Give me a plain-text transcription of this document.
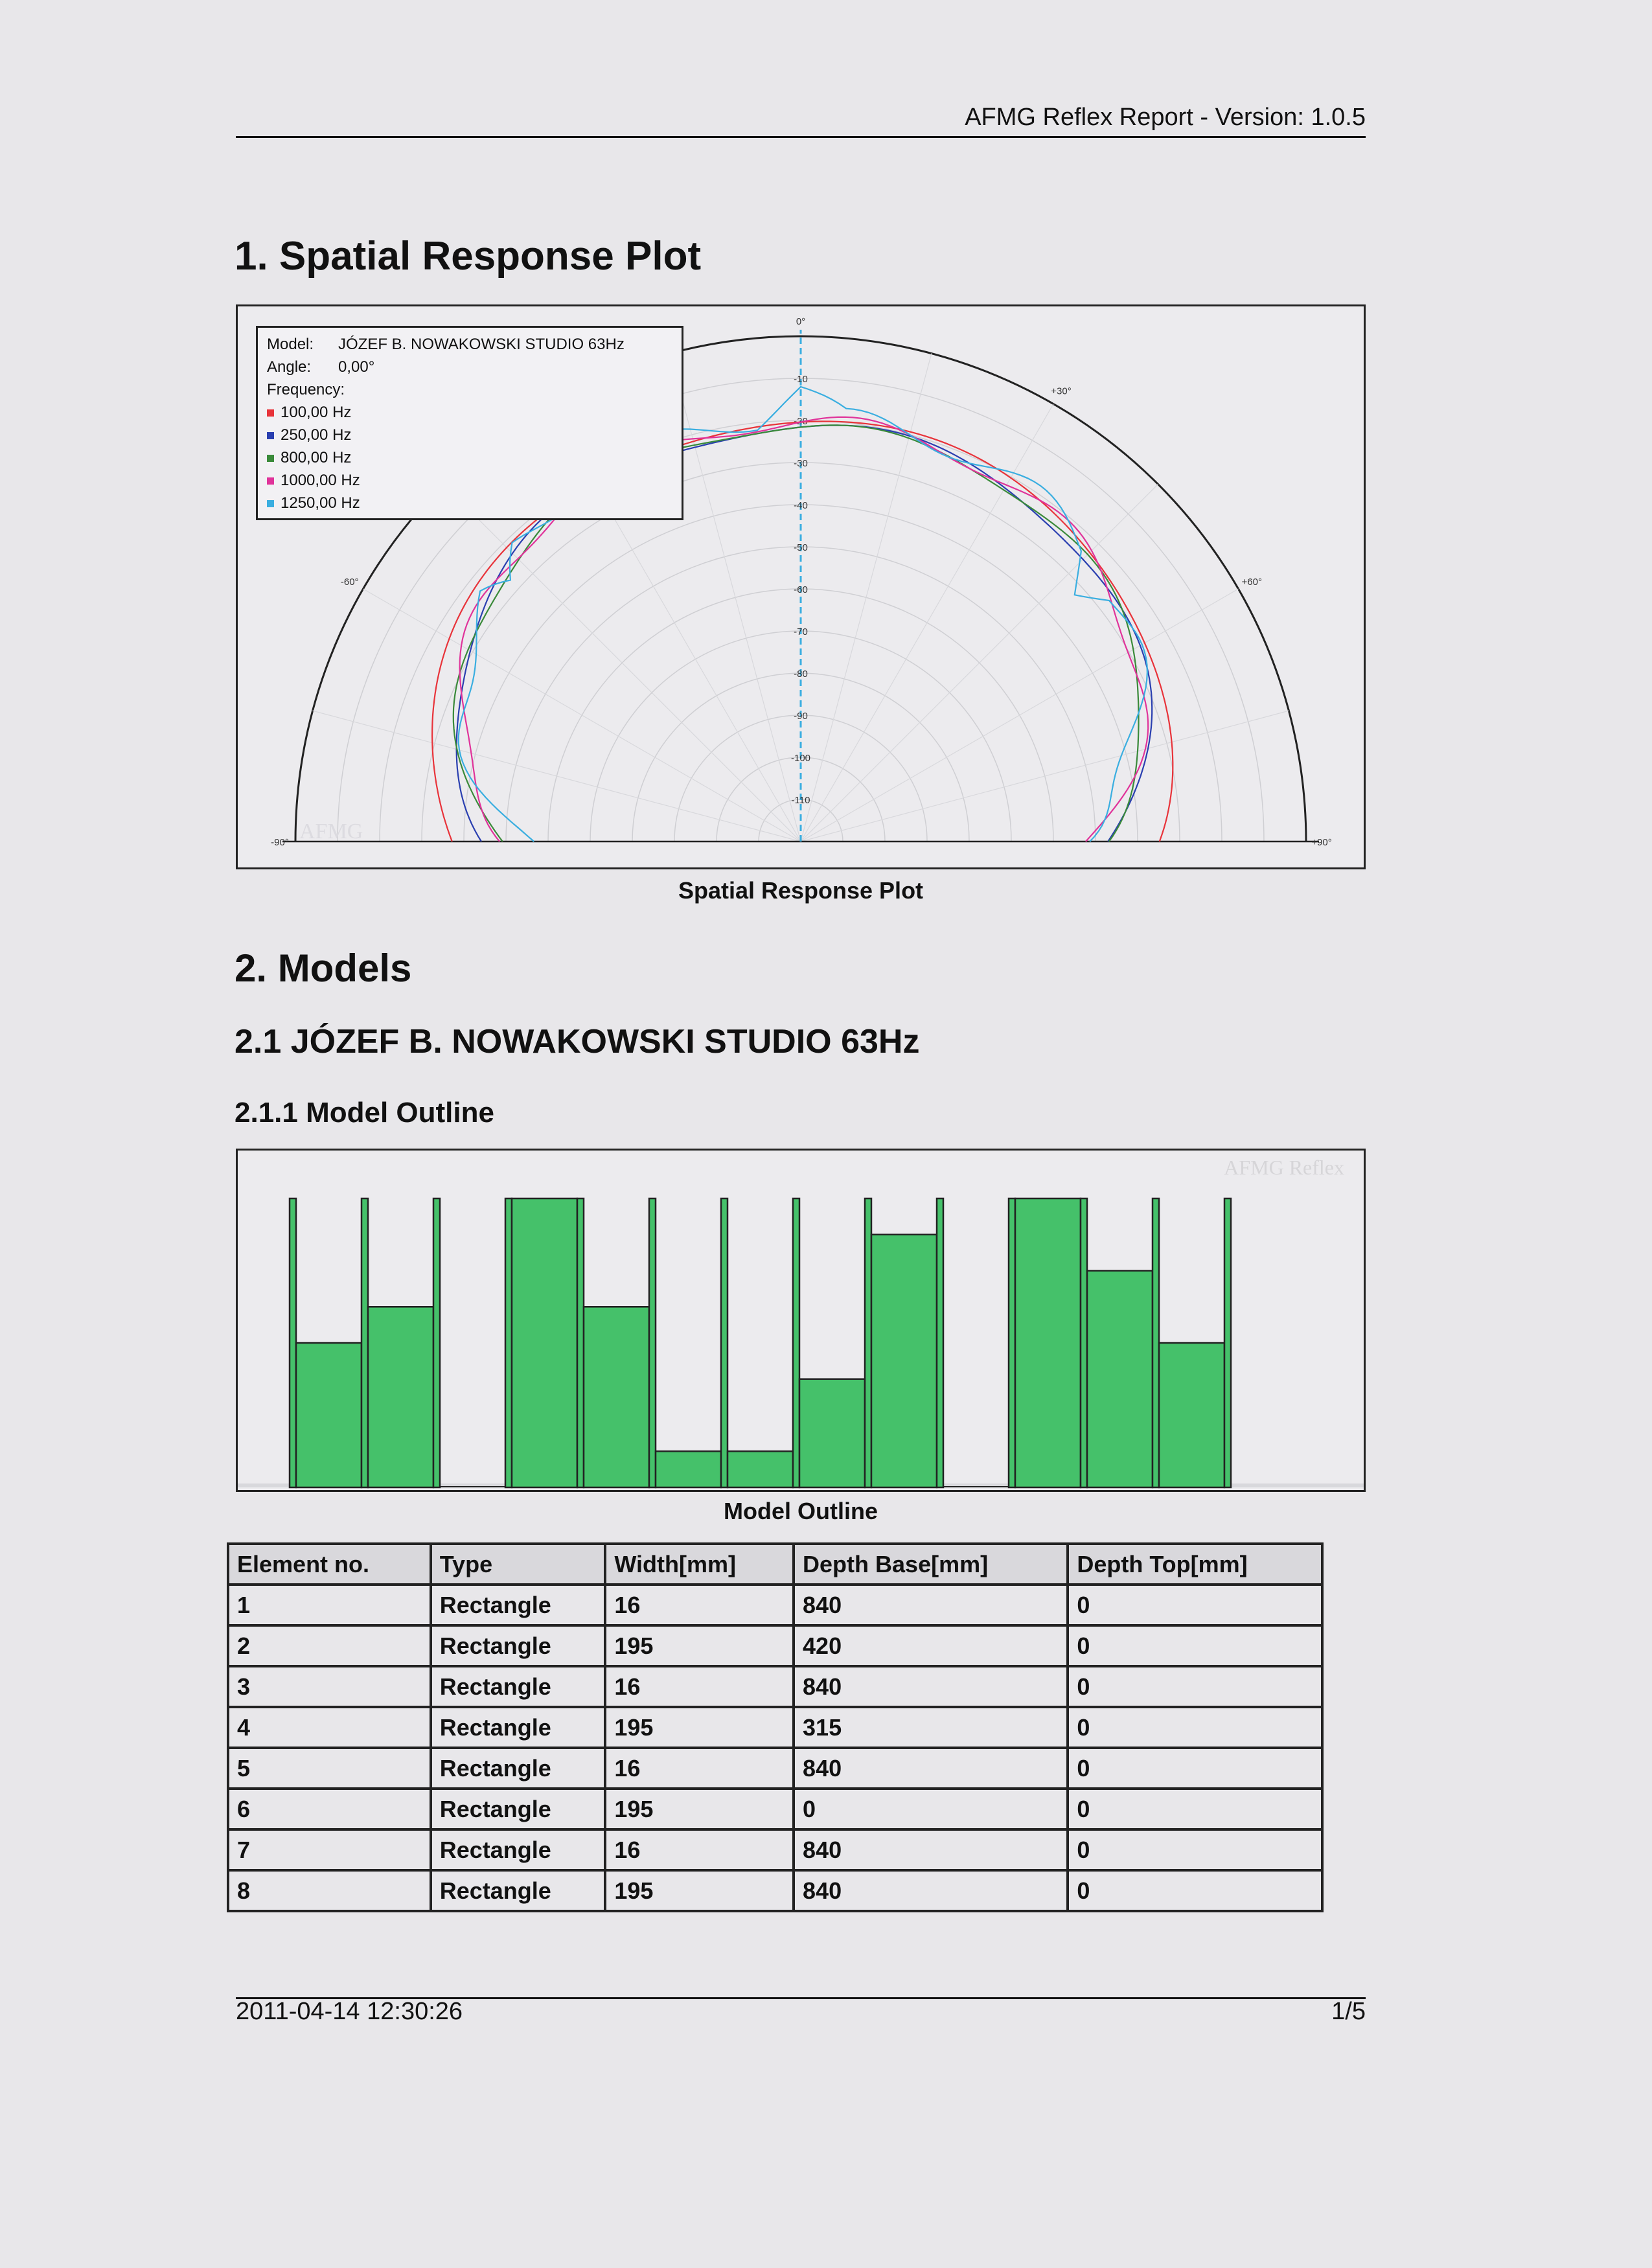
AFMG Reflex Report - Version: 1.0.5
1. Spatial Response Plot
0°
+30°
+60°
+90°
-60°
-90°
-10
-20
-30
-40
-50
-60
-70
-80
-90
-100
-110
AFMG
Model:	JÓZEF B. NOWAKOWSKI STUDIO 63Hz
Angle:	0,00°
Frequency:
100,00 Hz
250,00 Hz
800,00 Hz
1000,00 Hz
1250,00 Hz
Spatial Response Plot
2. Models
2.1 JÓZEF B. NOWAKOWSKI STUDIO 63Hz
2.1.1 Model Outline
AFMG Reflex
Model Outline
Element no.	Type	Width[mm]	Depth Base[mm]	Depth Top[mm]
1	Rectangle	16	840	0
2	Rectangle	195	420	0
3	Rectangle	16	840	0
4	Rectangle	195	315	0
5	Rectangle	16	840	0
6	Rectangle	195	0	0
7	Rectangle	16	840	0
8	Rectangle	195	840	0
2011-04-14 12:30:26	1/5
